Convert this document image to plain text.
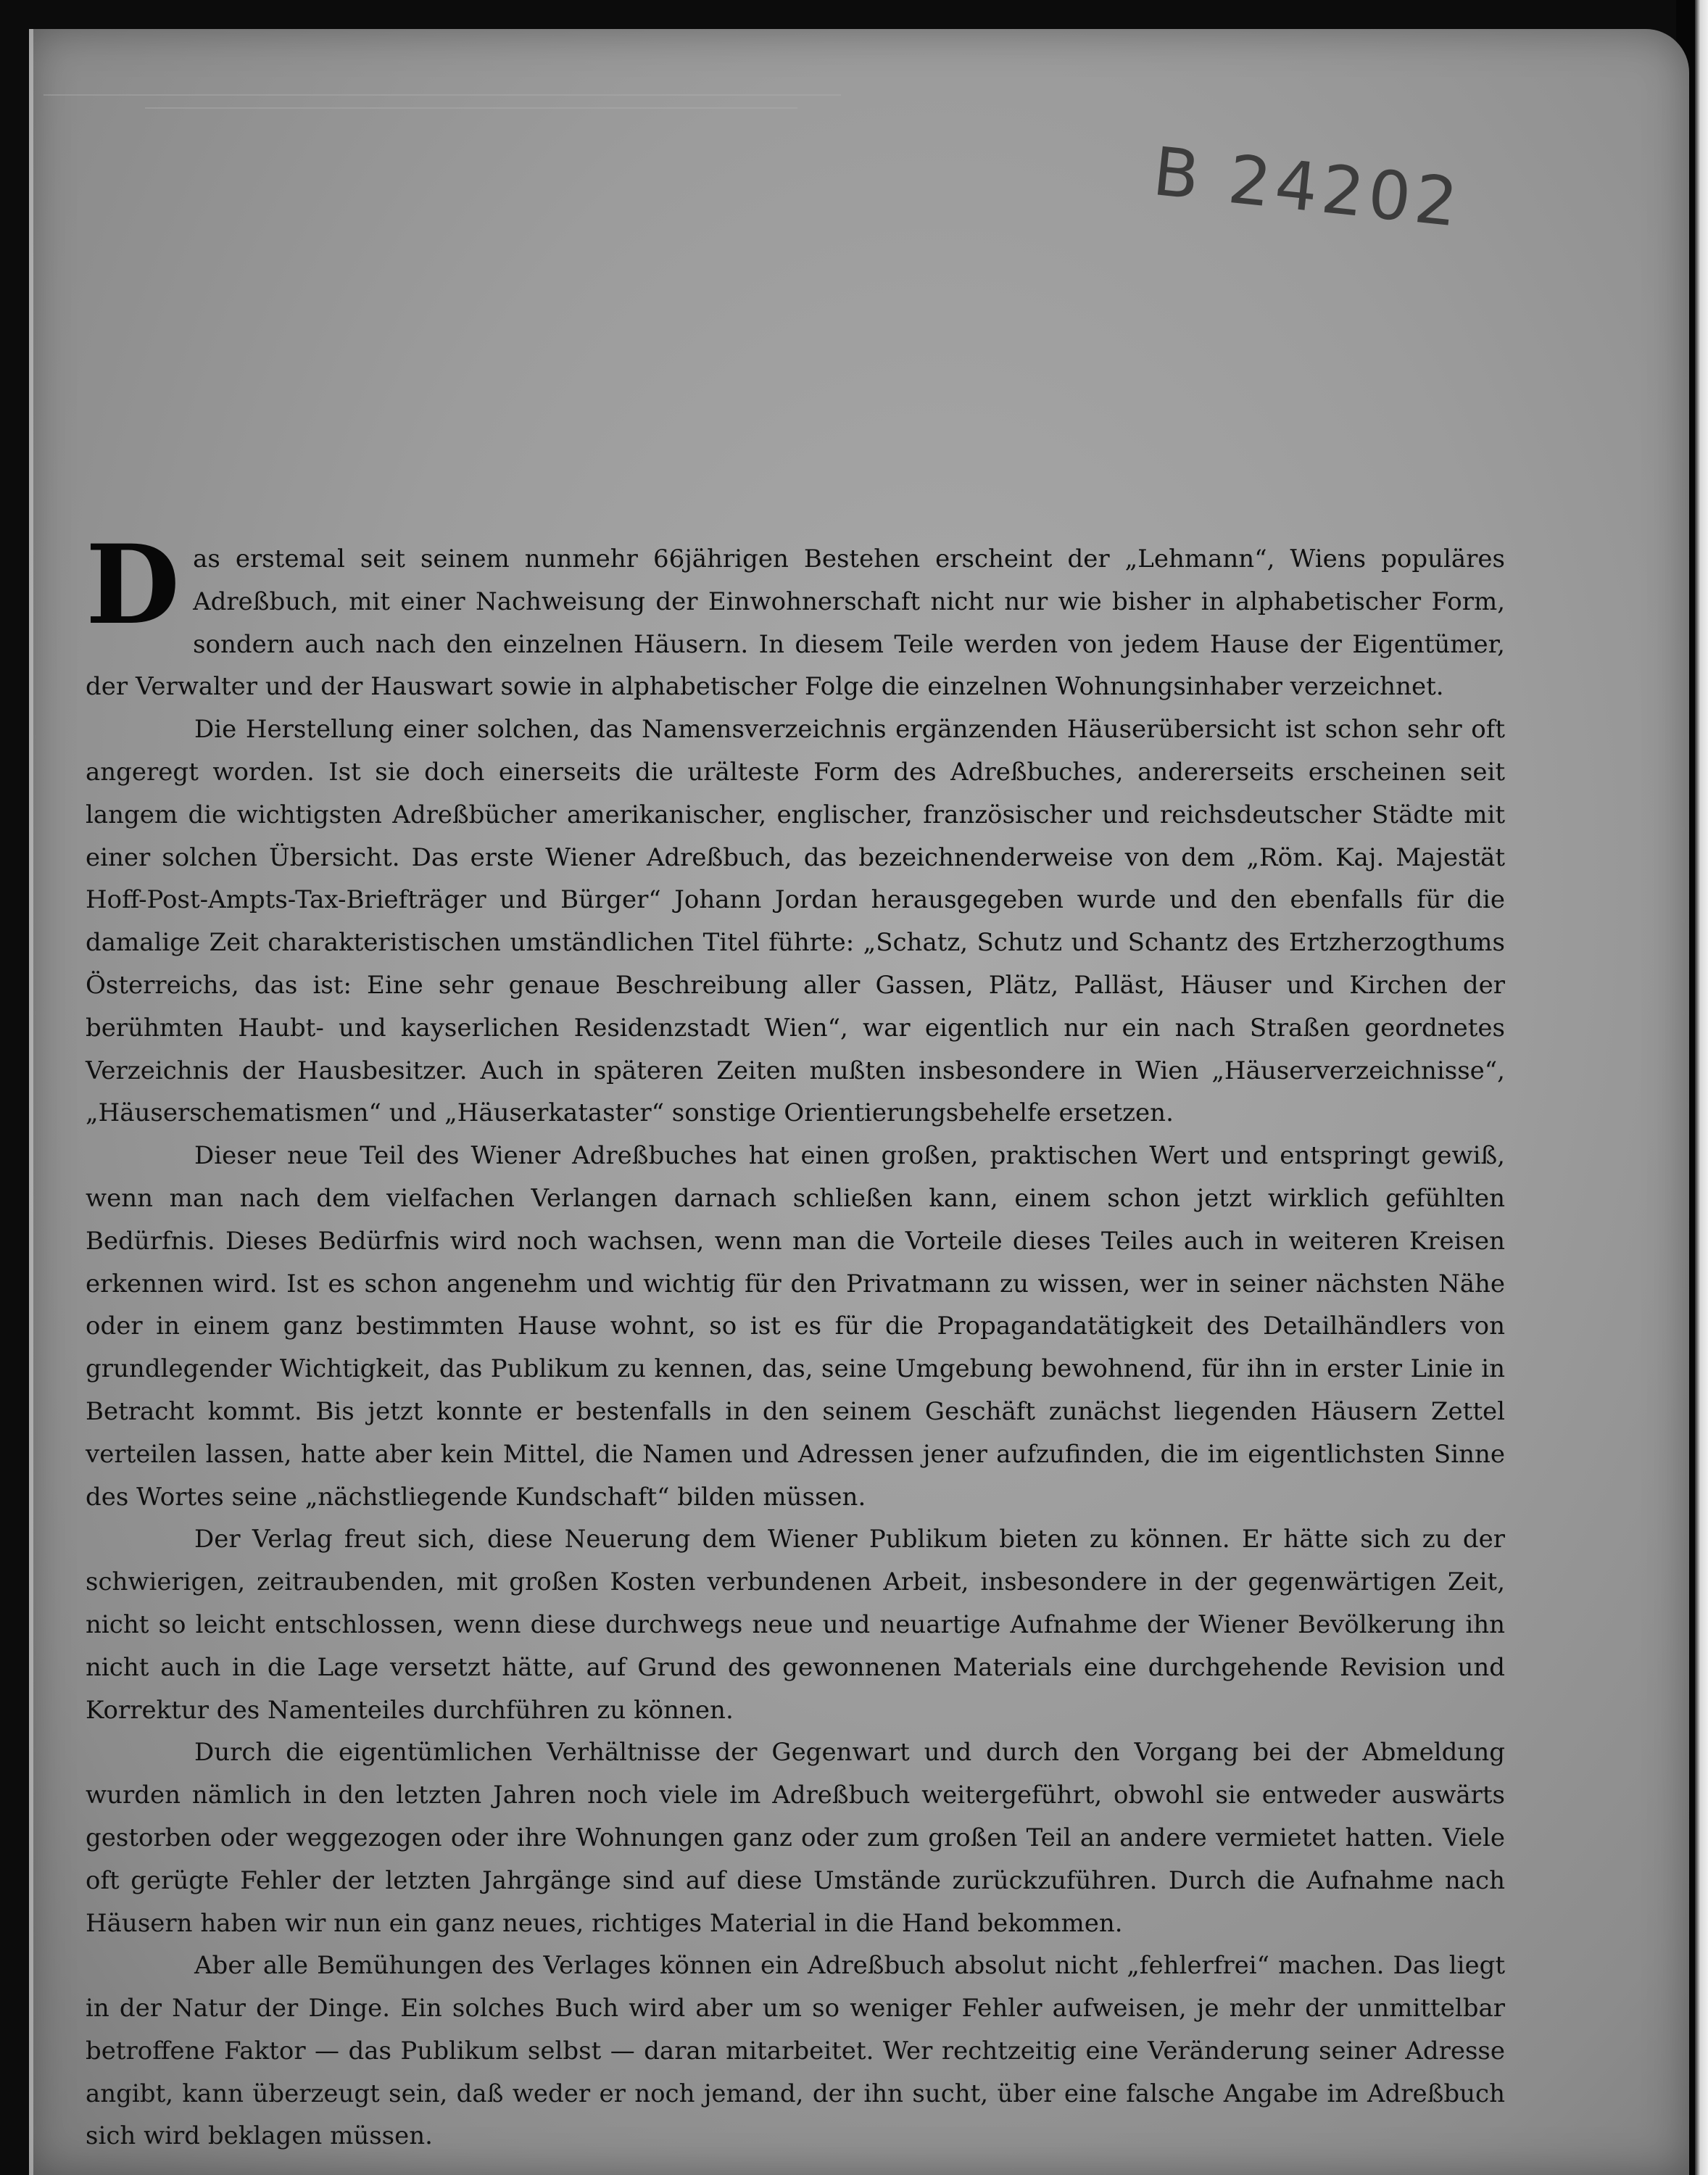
B 24202

Das erstemal seit seinem nunmehr 66jährigen Bestehen erscheint der „Lehmann“, Wiens populäres Adreßbuch, mit einer Nachweisung der Einwohnerschaft nicht nur wie bisher in alphabetischer Form, sondern auch nach den einzelnen Häusern. In diesem Teile werden von jedem Hause der Eigentümer, der Verwalter und der Hauswart sowie in alphabetischer Folge die einzelnen Wohnungsinhaber verzeichnet.

Die Herstellung einer solchen, das Namensverzeichnis ergänzenden Häuserübersicht ist schon sehr oft angeregt worden. Ist sie doch einerseits die urälteste Form des Adreßbuches, andererseits erscheinen seit langem die wichtigsten Adreßbücher amerikanischer, englischer, französischer und reichsdeutscher Städte mit einer solchen Übersicht. Das erste Wiener Adreßbuch, das bezeichnenderweise von dem „Röm. Kaj. Majestät Hoff-Post-Ampts-Tax-Briefträger und Bürger“ Johann Jordan herausgegeben wurde und den ebenfalls für die damalige Zeit charakteristischen umständlichen Titel führte: „Schatz, Schutz und Schantz des Ertzherzogthums Österreichs, das ist: Eine sehr genaue Beschreibung aller Gassen, Plätz, Palläst, Häuser und Kirchen der berühmten Haubt- und kayserlichen Residenzstadt Wien“, war eigentlich nur ein nach Straßen geordnetes Verzeichnis der Hausbesitzer. Auch in späteren Zeiten mußten insbesondere in Wien „Häuserverzeichnisse“, „Häuserschematismen“ und „Häuserkataster“ sonstige Orientierungsbehelfe ersetzen.

Dieser neue Teil des Wiener Adreßbuches hat einen großen, praktischen Wert und entspringt gewiß, wenn man nach dem vielfachen Verlangen darnach schließen kann, einem schon jetzt wirklich gefühlten Bedürfnis. Dieses Bedürfnis wird noch wachsen, wenn man die Vorteile dieses Teiles auch in weiteren Kreisen erkennen wird. Ist es schon angenehm und wichtig für den Privatmann zu wissen, wer in seiner nächsten Nähe oder in einem ganz bestimmten Hause wohnt, so ist es für die Propagandatätigkeit des Detailhändlers von grundlegender Wichtigkeit, das Publikum zu kennen, das, seine Umgebung bewohnend, für ihn in erster Linie in Betracht kommt. Bis jetzt konnte er bestenfalls in den seinem Geschäft zunächst liegenden Häusern Zettel verteilen lassen, hatte aber kein Mittel, die Namen und Adressen jener aufzufinden, die im eigentlichsten Sinne des Wortes seine „nächstliegende Kundschaft“ bilden müssen.

Der Verlag freut sich, diese Neuerung dem Wiener Publikum bieten zu können. Er hätte sich zu der schwierigen, zeitraubenden, mit großen Kosten verbundenen Arbeit, insbesondere in der gegenwärtigen Zeit, nicht so leicht entschlossen, wenn diese durchwegs neue und neuartige Aufnahme der Wiener Bevölkerung ihn nicht auch in die Lage versetzt hätte, auf Grund des gewonnenen Materials eine durchgehende Revision und Korrektur des Namenteiles durchführen zu können.

Durch die eigentümlichen Verhältnisse der Gegenwart und durch den Vorgang bei der Abmeldung wurden nämlich in den letzten Jahren noch viele im Adreßbuch weitergeführt, obwohl sie entweder auswärts gestorben oder weggezogen oder ihre Wohnungen ganz oder zum großen Teil an andere vermietet hatten. Viele oft gerügte Fehler der letzten Jahrgänge sind auf diese Umstände zurückzuführen. Durch die Aufnahme nach Häusern haben wir nun ein ganz neues, richtiges Material in die Hand bekommen.

Aber alle Bemühungen des Verlages können ein Adreßbuch absolut nicht „fehlerfrei“ machen. Das liegt in der Natur der Dinge. Ein solches Buch wird aber um so weniger Fehler aufweisen, je mehr der unmittelbar betroffene Faktor — das Publikum selbst — daran mitarbeitet. Wer rechtzeitig eine Veränderung seiner Adresse angibt, kann überzeugt sein, daß weder er noch jemand, der ihn sucht, über eine falsche Angabe im Adreßbuch sich wird beklagen müssen.
